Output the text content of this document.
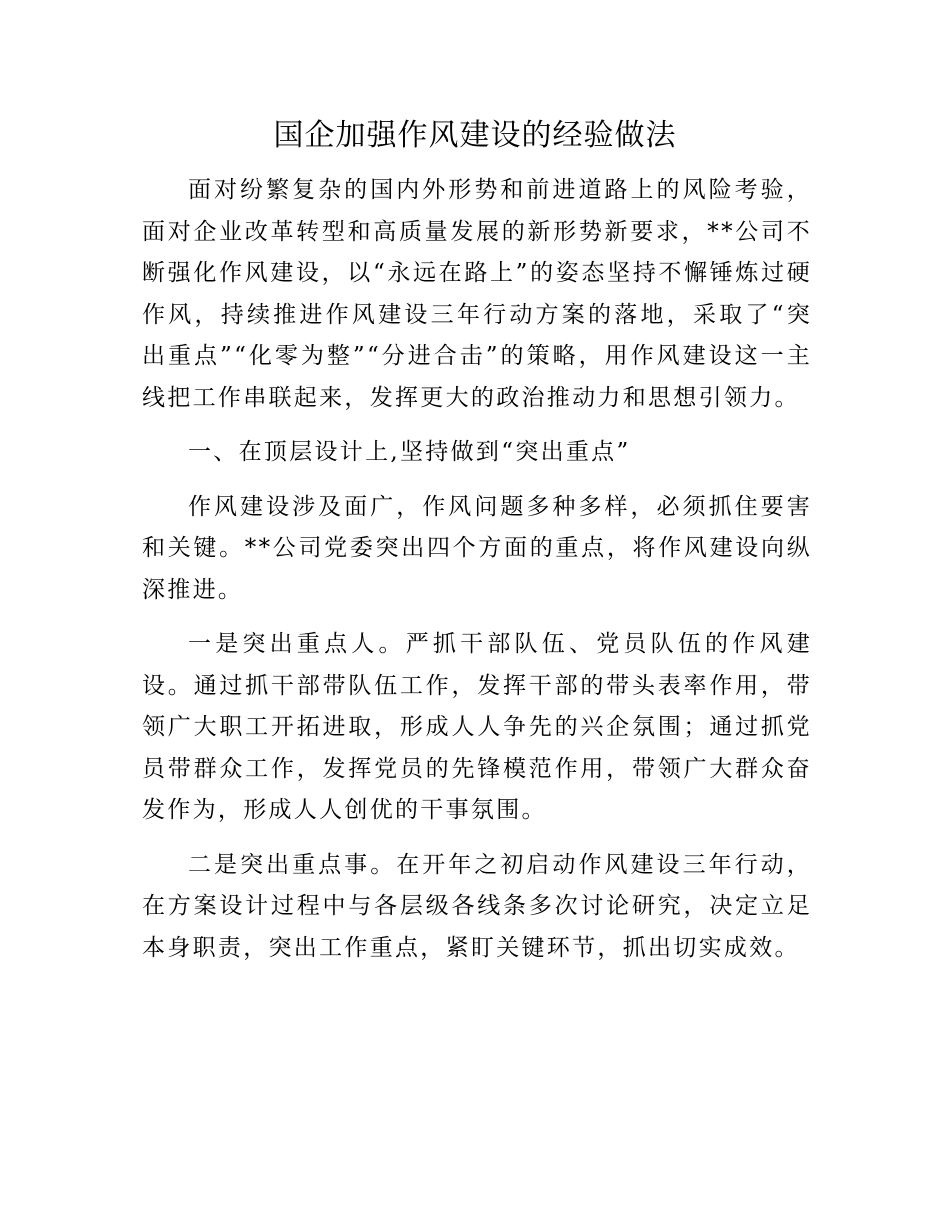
国企加强作风建设的经验做法

面对纷繁复杂的国内外形势和前进道路上的风险考验，面对企业改革转型和高质量发展的新形势新要求，**公司不断强化作风建设，以“永远在路上”的姿态坚持不懈锤炼过硬作风，持续推进作风建设三年行动方案的落地，采取了“突出重点”“化零为整”“分进合击”的策略，用作风建设这一主线把工作串联起来，发挥更大的政治推动力和思想引领力。

一、在顶层设计上,坚持做到“突出重点”

作风建设涉及面广，作风问题多种多样，必须抓住要害和关键。**公司党委突出四个方面的重点，将作风建设向纵深推进。

一是突出重点人。严抓干部队伍、党员队伍的作风建设。通过抓干部带队伍工作，发挥干部的带头表率作用，带领广大职工开拓进取，形成人人争先的兴企氛围；通过抓党员带群众工作，发挥党员的先锋模范作用，带领广大群众奋发作为，形成人人创优的干事氛围。

二是突出重点事。在开年之初启动作风建设三年行动，在方案设计过程中与各层级各线条多次讨论研究，决定立足本身职责，突出工作重点，紧盯关键环节，抓出切实成效。
